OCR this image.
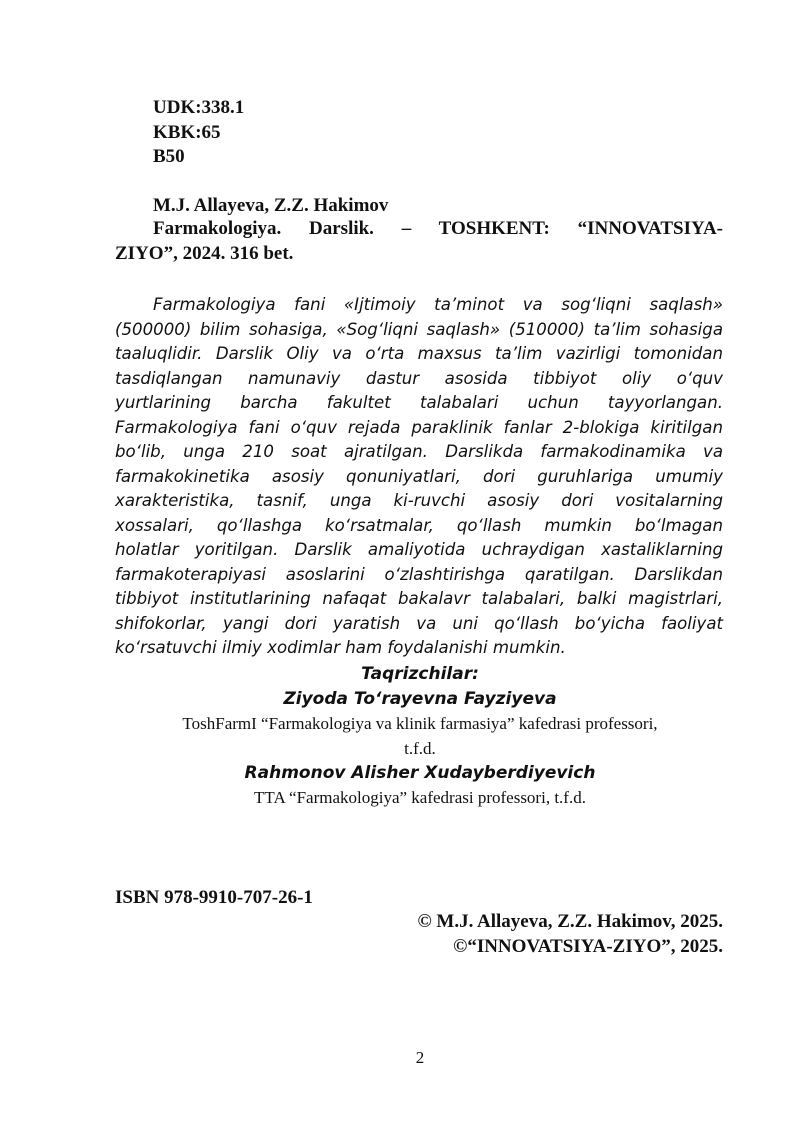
UDK:338.1
KBK:65
B50
M.J. Allayeva, Z.Z. Hakimov
Farmakologiya. Darslik. – TOSHKENT: “INNOVATSIYA-
ZIYO”, 2024. 316 bet.
Farmakologiya fani «Ijtimoiy ta’minot va sog‘liqni saqlash»
(500000) bilim sohasiga, «Sog‘liqni saqlash» (510000) ta’lim sohasiga
taaluqlidir. Darslik Oliy va o‘rta maxsus ta’lim vazirligi tomonidan
tasdiqlangan namunaviy dastur asosida tibbiyot oliy o‘quv
yurtlarining barcha fakultet talabalari uchun tayyorlangan.
Farmakologiya fani o‘quv rejada paraklinik fanlar 2-blokiga kiritilgan
bo‘lib, unga 210 soat ajratilgan. Darslikda farmakodinamika va
farmakokinetika asosiy qonuniyatlari, dori guruhlariga umumiy
xarakteristika, tasnif, unga ki-ruvchi asosiy dori vositalarning
xossalari, qo‘llashga ko‘rsatmalar, qo‘llash mumkin bo‘lmagan
holatlar yoritilgan. Darslik amaliyotida uchraydigan xastaliklarning
farmakoterapiyasi asoslarini o‘zlashtirishga qaratilgan. Darslikdan
tibbiyot institutlarining nafaqat bakalavr talabalari, balki magistrlari,
shifokorlar, yangi dori yaratish va uni qo‘llash bo‘yicha faoliyat
ko‘rsatuvchi ilmiy xodimlar ham foydalanishi mumkin.
Taqrizchilar:
Ziyoda To‘rayevna Fayziyeva
ToshFarmI “Farmakologiya va klinik farmasiya” kafedrasi professori,
t.f.d.
Rahmonov Alisher Xudayberdiyevich
TTA “Farmakologiya” kafedrasi professori, t.f.d.
ISBN 978-9910-707-26-1
© M.J. Allayeva, Z.Z. Hakimov, 2025.
©“INNOVATSIYA-ZIYO”, 2025.
2
